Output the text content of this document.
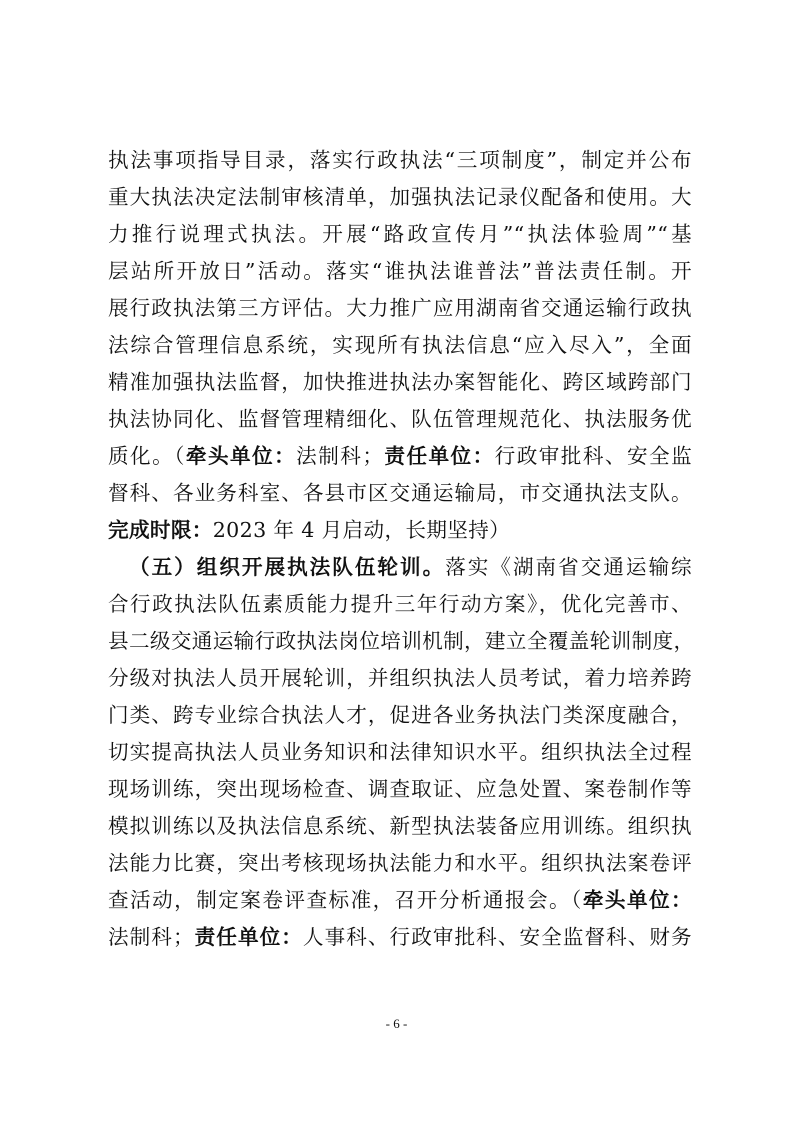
执法事项指导目录，落实行政执法“三项制度”，制定并公布
重大执法决定法制审核清单，加强执法记录仪配备和使用。大
力推行说理式执法。开展“路政宣传月”“执法体验周”“基
层站所开放日”活动。落实“谁执法谁普法”普法责任制。开
展行政执法第三方评估。大力推广应用湖南省交通运输行政执
法综合管理信息系统，实现所有执法信息“应入尽入”，全面
精准加强执法监督，加快推进执法办案智能化、跨区域跨部门
执法协同化、监督管理精细化、队伍管理规范化、执法服务优
质化。（牵头单位：法制科；责任单位：行政审批科、安全监
督科、各业务科室、各县市区交通运输局，市交通执法支队。
完成时限：2023 年 4 月启动，长期坚持）
（五）组织开展执法队伍轮训。落实《湖南省交通运输综
合行政执法队伍素质能力提升三年行动方案》，优化完善市、
县二级交通运输行政执法岗位培训机制，建立全覆盖轮训制度，
分级对执法人员开展轮训，并组织执法人员考试，着力培养跨
门类、跨专业综合执法人才，促进各业务执法门类深度融合，
切实提高执法人员业务知识和法律知识水平。组织执法全过程
现场训练，突出现场检查、调查取证、应急处置、案卷制作等
模拟训练以及执法信息系统、新型执法装备应用训练。组织执
法能力比赛，突出考核现场执法能力和水平。组织执法案卷评
查活动，制定案卷评查标准，召开分析通报会。（牵头单位：
法制科；责任单位：人事科、行政审批科、安全监督科、财务
- 6 -
